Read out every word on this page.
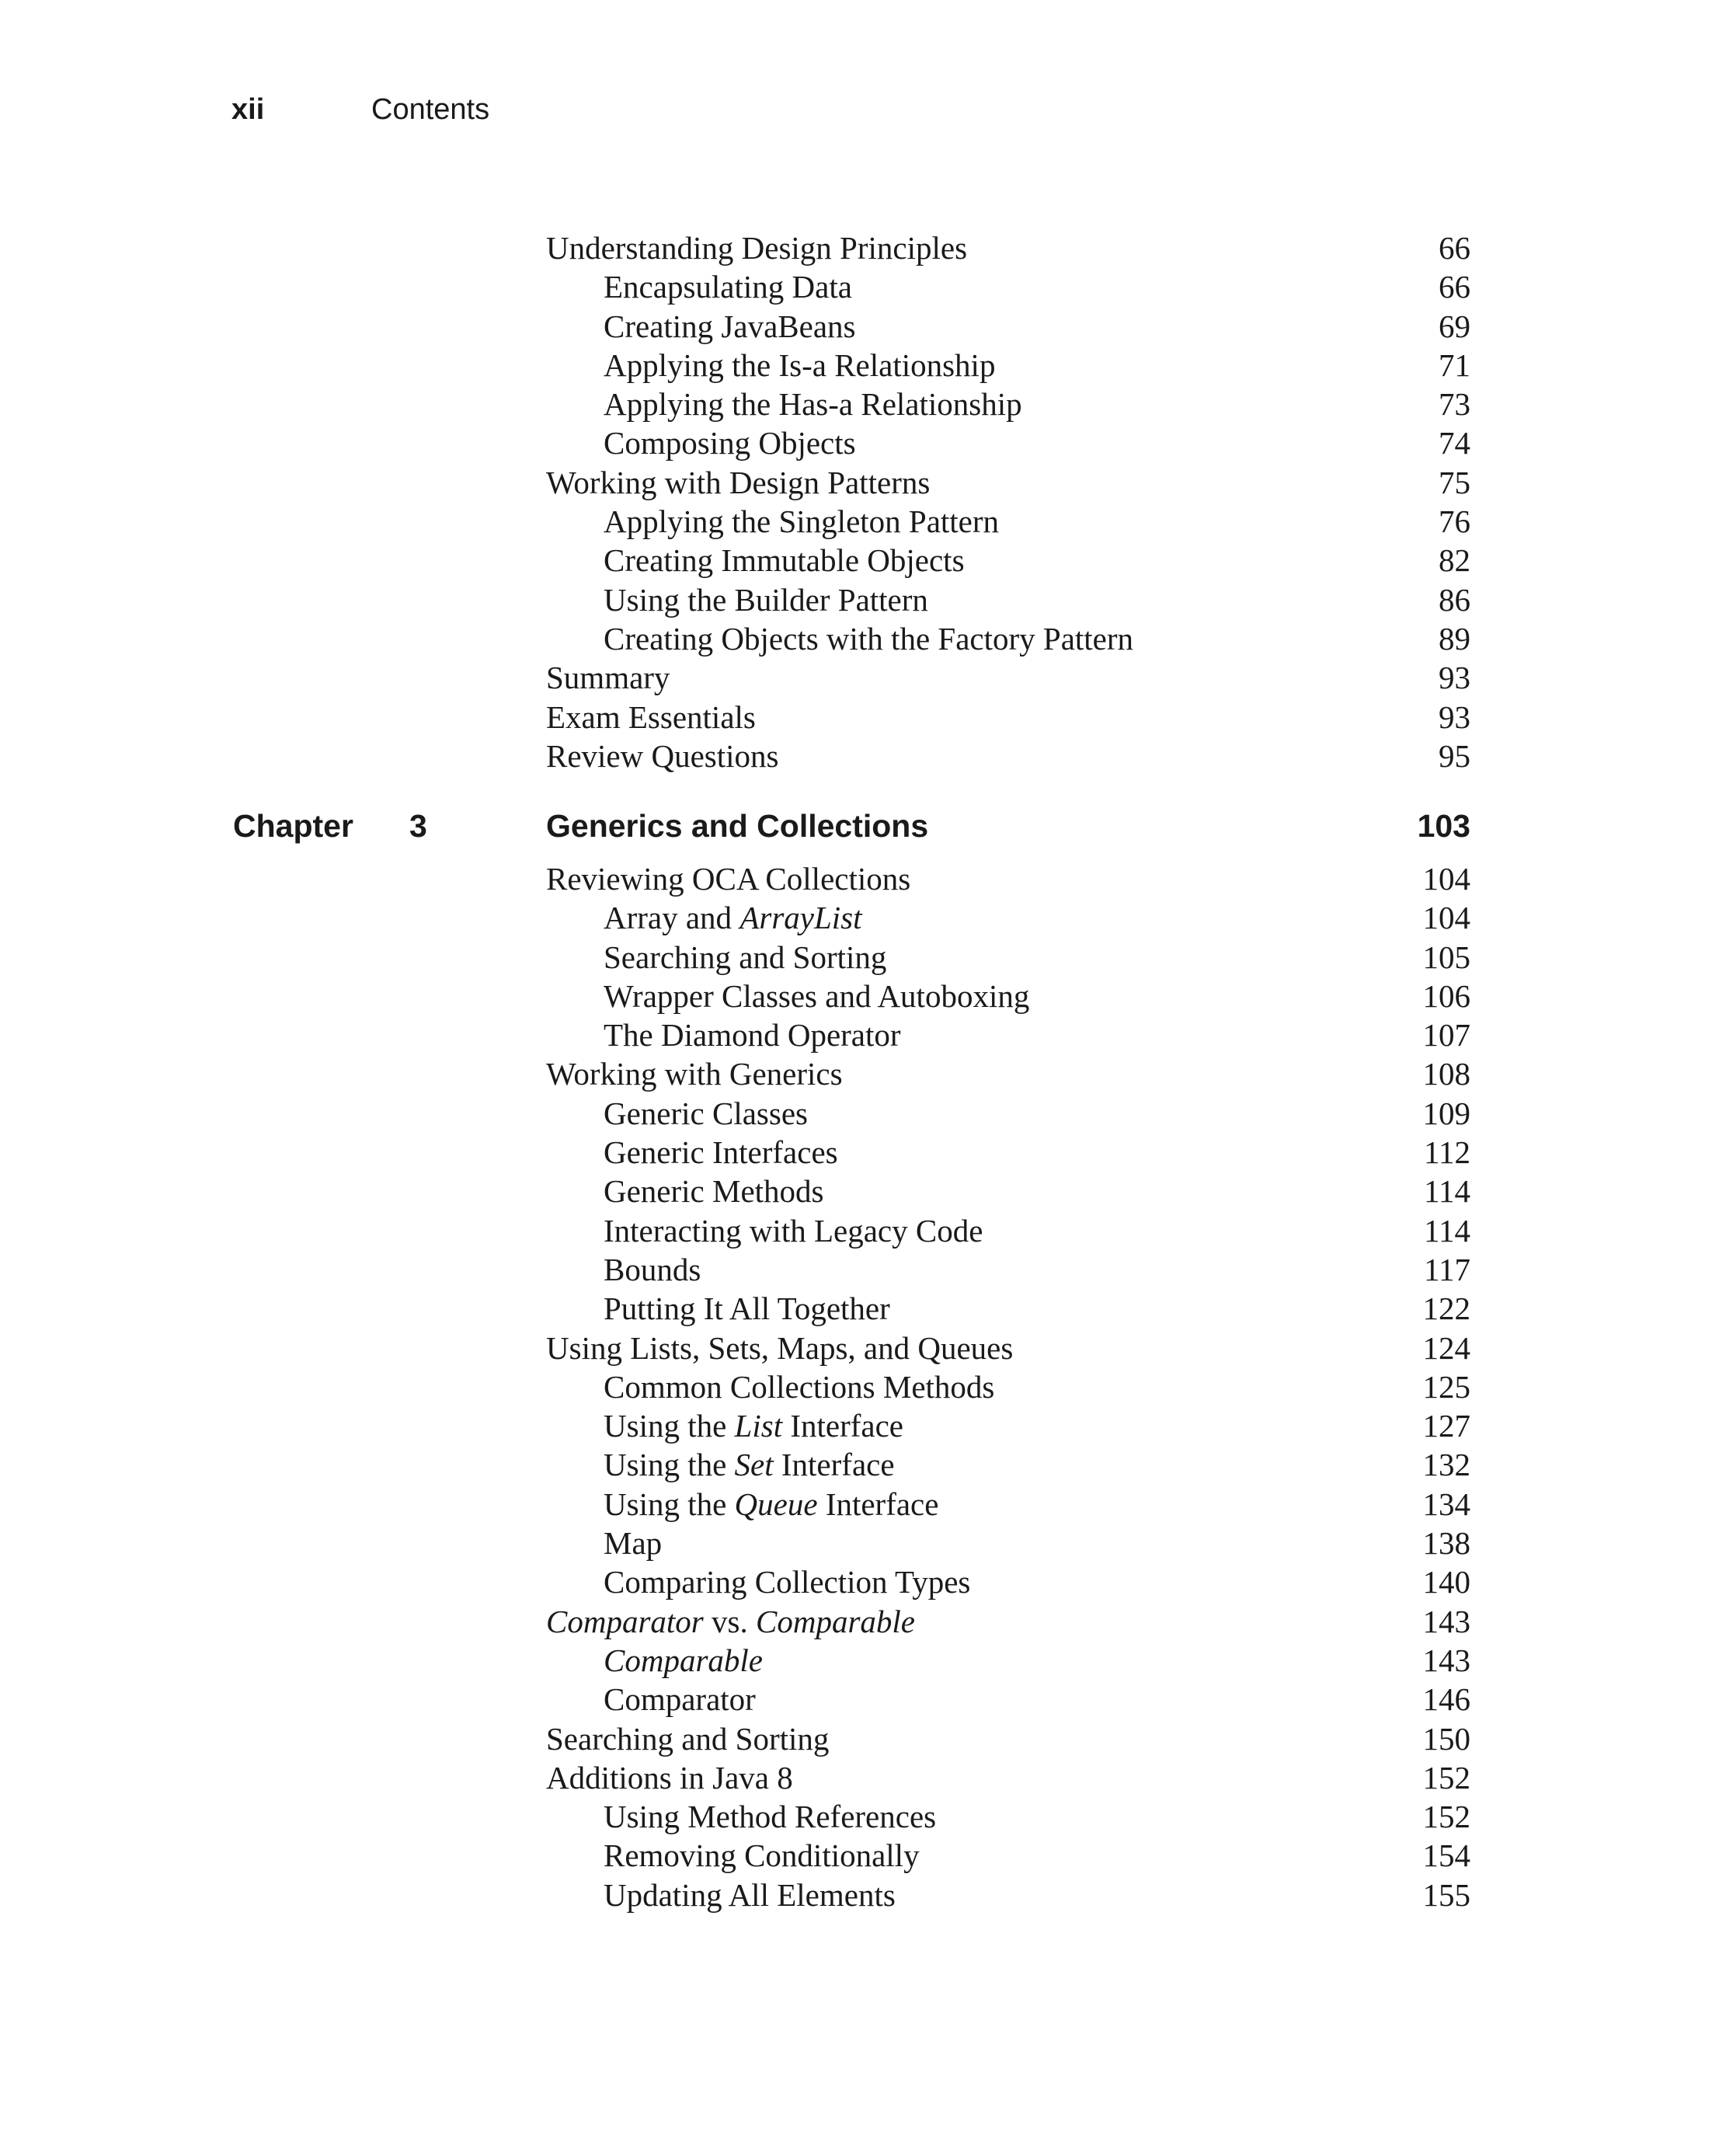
xii	Contents
Understanding Design Principles	66
Encapsulating Data	66
Creating JavaBeans	69
Applying the Is-a Relationship	71
Applying the Has-a Relationship	73
Composing Objects	74
Working with Design Patterns	75
Applying the Singleton Pattern	76
Creating Immutable Objects	82
Using the Builder Pattern	86
Creating Objects with the Factory Pattern	89
Summary	93
Exam Essentials	93
Review Questions	95
Chapter 3	Generics and Collections	103
Reviewing OCA Collections	104
Array and ArrayList	104
Searching and Sorting	105
Wrapper Classes and Autoboxing	106
The Diamond Operator	107
Working with Generics	108
Generic Classes	109
Generic Interfaces	112
Generic Methods	114
Interacting with Legacy Code	114
Bounds	117
Putting It All Together	122
Using Lists, Sets, Maps, and Queues	124
Common Collections Methods	125
Using the List Interface	127
Using the Set Interface	132
Using the Queue Interface	134
Map	138
Comparing Collection Types	140
Comparator vs. Comparable	143
Comparable	143
Comparator	146
Searching and Sorting	150
Additions in Java 8	152
Using Method References	152
Removing Conditionally	154
Updating All Elements	155
